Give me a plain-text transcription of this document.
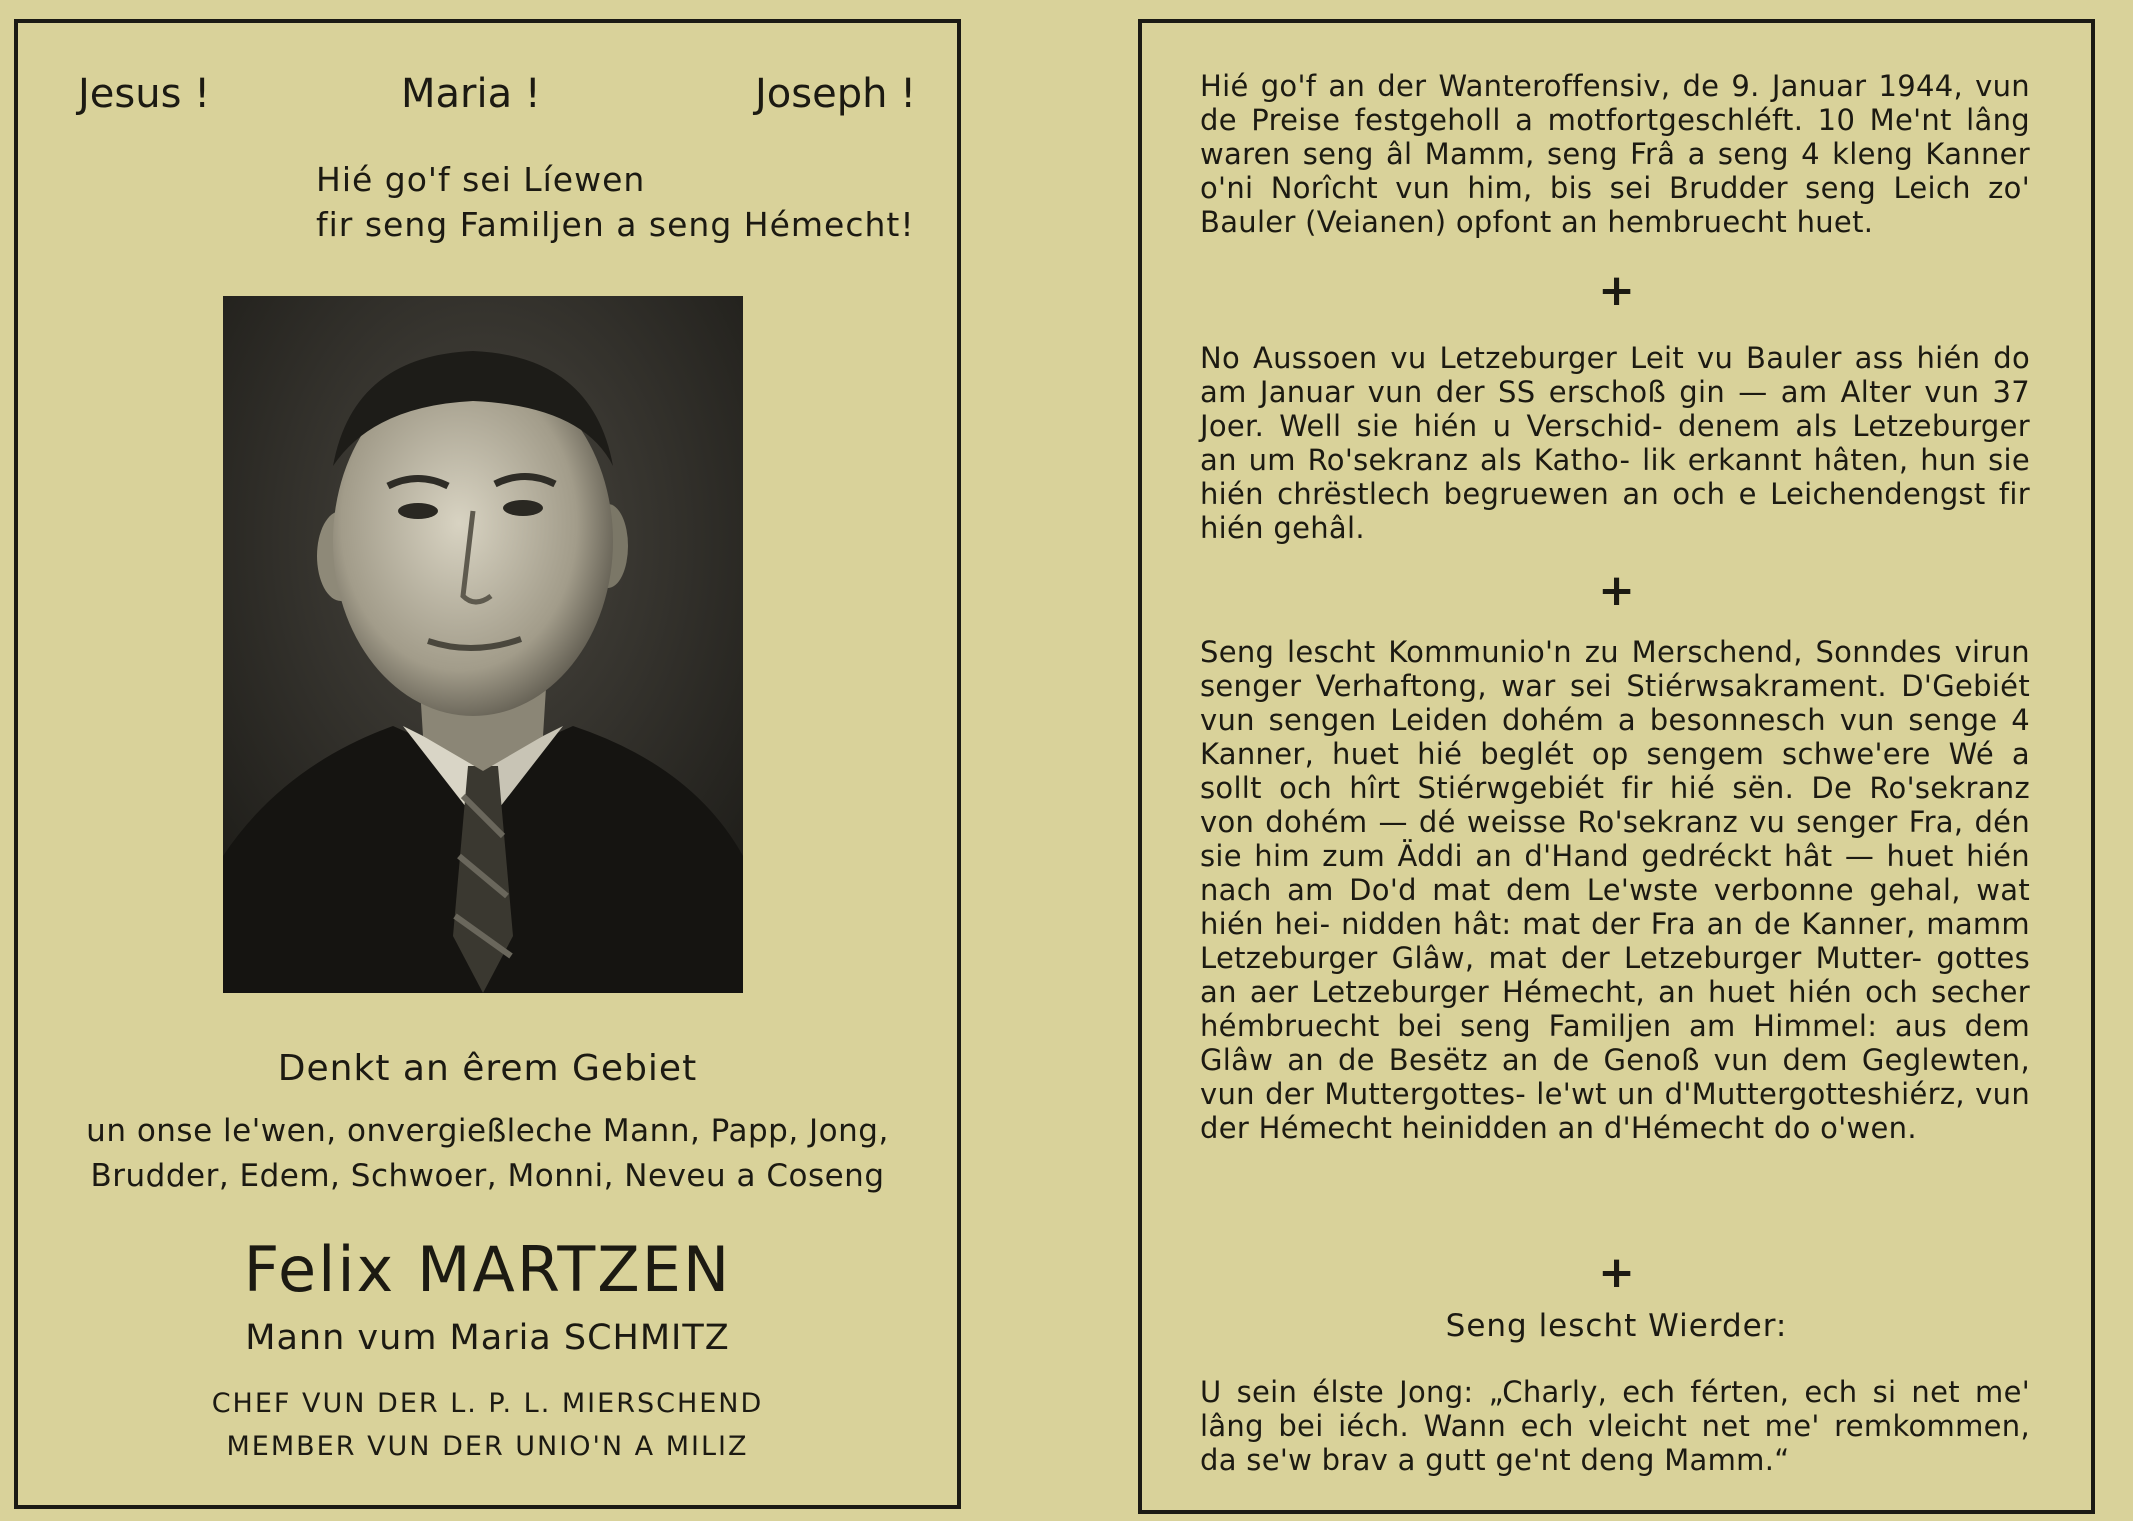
Jesus !	Maria !	Joseph !
Hié go'f sei Líewen
fir seng Familjen a seng Hémecht!
Denkt an êrem Gebiet
un onse le'wen, onvergießleche Mann, Papp, Jong,
Brudder, Edem, Schwoer, Monni, Neveu a Coseng
Felix MARTZEN
Mann vum Maria SCHMITZ
CHEF VUN DER L. P. L. MIERSCHEND
MEMBER VUN DER UNIO'N A MILIZ

Hié go'f an der Wanteroffensiv, de 9. Januar 1944, vun de Preise festgeholl a motfortgeschléft. 10 Me'nt lâng waren seng âl Mamm, seng Frâ a seng 4 kleng Kanner o'ni Norîcht vun him, bis sei Brudder seng Leich zo' Bauler (Veianen) opfont an hembruecht huet.

+

No Aussoen vu Letzeburger Leit vu Bauler ass hién do am Januar vun der SS erschoß gin — am Alter vun 37 Joer. Well sie hién u Verschid- denem als Letzeburger an um Ro'sekranz als Katho- lik erkannt hâten, hun sie hién chrëstlech begruewen an och e Leichendengst fir hién gehâl.

+

Seng lescht Kommunio'n zu Merschend, Sonndes virun senger Verhaftong, war sei Stiérwsakrament. D'Gebiét vun sengen Leiden dohém a besonnesch vun senge 4 Kanner, huet hié beglét op sengem schwe'ere Wé a sollt och hîrt Stiérwgebiét fir hié sën. De Ro'sekranz von dohém — dé weisse Ro'sekranz vu senger Fra, dén sie him zum Äddi an d'Hand gedréckt hât — huet hién nach am Do'd mat dem Le'wste verbonne gehal, wat hién hei- nidden hât: mat der Fra an de Kanner, mamm Letzeburger Glâw, mat der Letzeburger Mutter- gottes an aer Letzeburger Hémecht, an huet hién och secher hémbruecht bei seng Familjen am Himmel: aus dem Glâw an de Besëtz an de Genoß vun dem Geglewten, vun der Muttergottes- le'wt un d'Muttergotteshiérz, vun der Hémecht heinidden an d'Hémecht do o'wen.

+
Seng lescht Wierder:

U sein élste Jong: „Charly, ech férten, ech si net me' lâng bei iéch. Wann ech vleicht net me' remkommen, da se'w brav a gutt ge'nt deng Mamm.“
